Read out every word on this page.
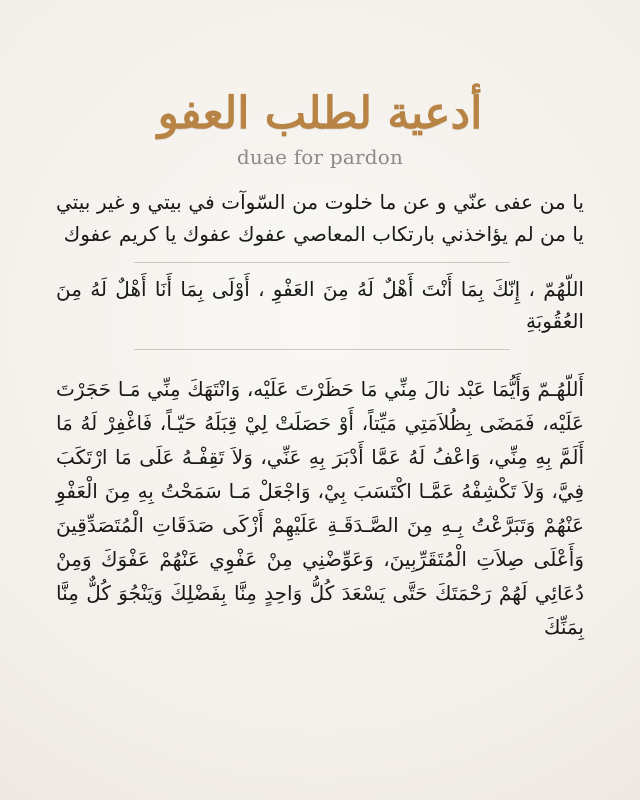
أدعية لطلب العفو
duae for pardon
يا من عفى عنّي و عن ما خلوت من السّوآت في بيتي و غير بيتي يا من لم يؤاخذني بارتكاب المعاصي عفوك عفوك يا كريم عفوك
اللّهُمّ ، إِنّكَ بِمَا أَنْتَ أَهْلٌ لَهُ مِنَ العَفْوِ ، أَوْلَى بِمَا أَنَا أَهْلٌ لَهُ مِنَ العُقُوبَةِ
أَللّهُـمّ وَأَيُّمَا عَبْد نالَ مِنِّي مَا حَظَرْتَ عَلَيْه، وَانْتَهَكَ مِنِّي مَـا حَجَرْتَ عَلَيْه، فَمَضَى بِظُلاَمَتِي مَيِّتاً، أَوْ حَصَلَتْ لِيْ قِبَلَهُ حَيّـاً، فَاغْفِرْ لَهُ مَا أَلَمَّ بِهِ مِنِّي، وَاعْفُ لَهُ عَمَّا أَدْبَرَ بِهِ عَنِّي، وَلاَ تَقِفْـهُ عَلَى مَا ارْتَكَبَ فِيَّ، وَلاَ تَكْشِفْهُ عَمَّـا اكْتَسَبَ بِيْ، وَاجْعَلْ مَـا سَمَحْتُ بِهِ مِنَ الْعَفْوِ عَنْهُمْ وَتَبَرَّعْتُ بِـهِ مِنَ الصَّـدَقَـةِ عَلَيْهِمْ أَزْكَى صَدَقَاتِ الْمُتَصَدِّقِينَ وَأَعْلَى صِلاَتِ الْمُتَقَرِّبِينَ، وَعَوِّضْنِي مِنْ عَفْوِي عَنْهُمْ عَفْوَكَ وَمِنْ دُعَائِي لَهُمْ رَحْمَتَكَ حَتَّى يَسْعَدَ كُلُّ وَاحِدٍ مِنَّا بِفَضْلِكَ وَيَنْجُوَ كُلٌّ مِنَّا بِمَنِّكَ
